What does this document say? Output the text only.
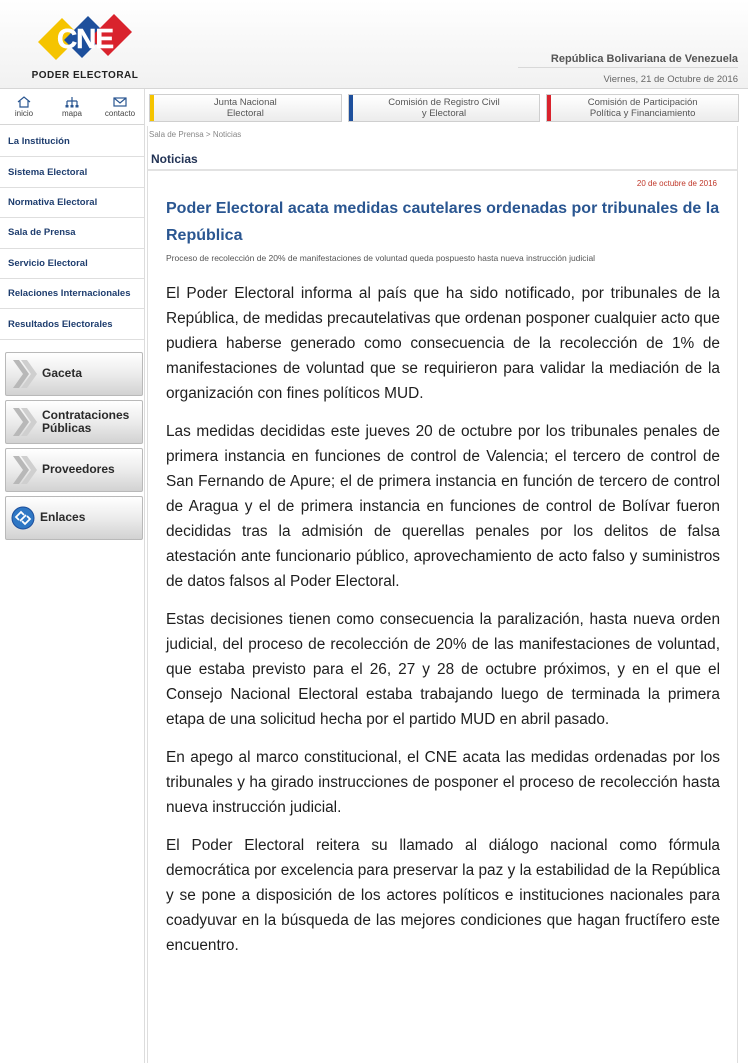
CNE
PODER ELECTORAL
República Bolivariana de Venezuela
Viernes, 21 de Octubre de 2016
inicio	mapa	contacto
La Institución
Sistema Electoral
Normativa Electoral
Sala de Prensa
Servicio Electoral
Relaciones Internacionales
Resultados Electorales
Gaceta
Contrataciones
Públicas
Proveedores
Enlaces
Junta Nacional
Electoral
Comisión de Registro Civil
y Electoral
Comisión de Participación
Política y Financiamiento
Sala de Prensa > Noticias
Noticias
20 de octubre de 2016
Poder Electoral acata medidas cautelares ordenadas por tribunales de la República
Proceso de recolección de 20% de manifestaciones de voluntad queda pospuesto hasta nueva instrucción judicial

El Poder Electoral informa al país que ha sido notificado, por tribunales de la República, de medidas precautelativas que ordenan posponer cualquier acto que pudiera haberse generado como consecuencia de la recolección de 1% de manifestaciones de voluntad que se requirieron para validar la mediación de la organización con fines políticos MUD.

Las medidas decididas este jueves 20 de octubre por los tribunales penales de primera instancia en funciones de control de Valencia; el tercero de control de San Fernando de Apure; el de primera instancia en función de tercero de control de Aragua y el de primera instancia en funciones de control de Bolívar fueron decididas tras la admisión de querellas penales por los delitos de falsa atestación ante funcionario público, aprovechamiento de acto falso y suministros de datos falsos al Poder Electoral.

Estas decisiones tienen como consecuencia la paralización, hasta nueva orden judicial, del proceso de recolección de 20% de las manifestaciones de voluntad, que estaba previsto para el 26, 27 y 28 de octubre próximos, y en el que el Consejo Nacional Electoral estaba trabajando luego de terminada la primera etapa de una solicitud hecha por el partido MUD en abril pasado.

En apego al marco constitucional, el CNE acata las medidas ordenadas por los tribunales y ha girado instrucciones de posponer el proceso de recolección hasta nueva instrucción judicial.

El Poder Electoral reitera su llamado al diálogo nacional como fórmula democrática por excelencia para preservar la paz y la estabilidad de la República y se pone a disposición de los actores políticos e instituciones nacionales para coadyuvar en la búsqueda de las mejores condiciones que hagan fructífero este encuentro.
